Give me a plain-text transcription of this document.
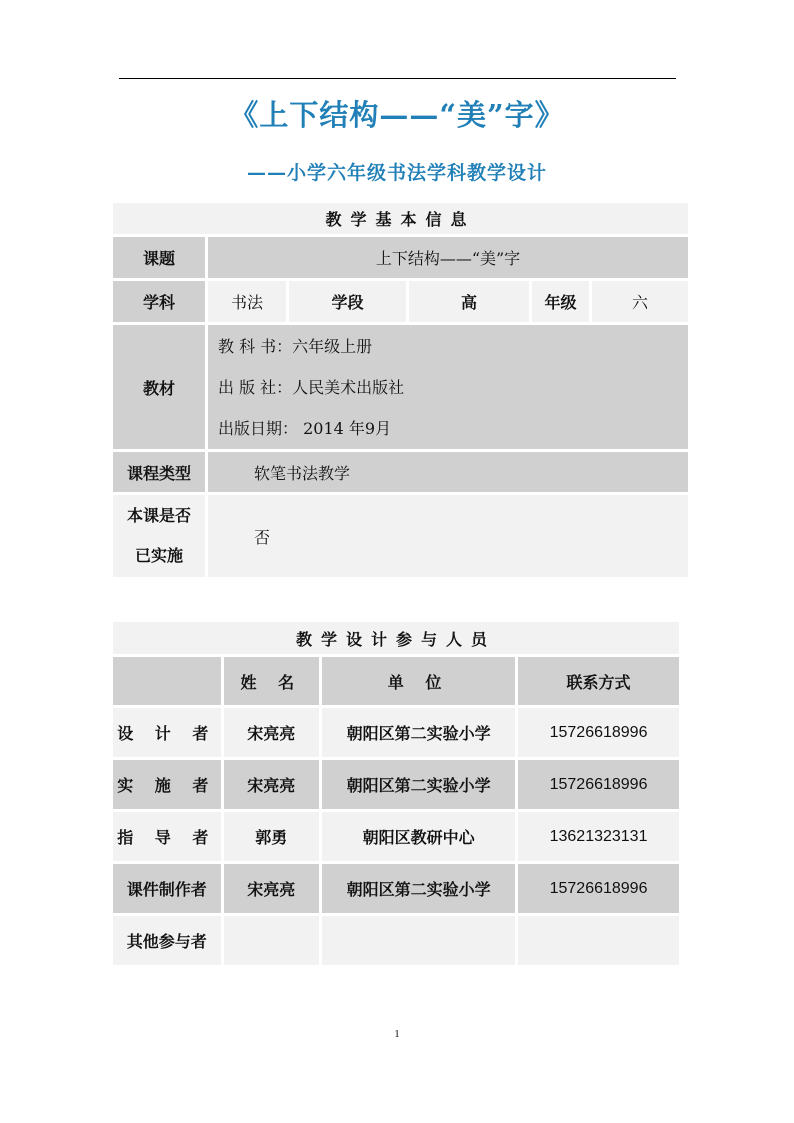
《上下结构——“美”字》
——小学六年级书法学科教学设计
教学基本信息					
课题	上下结构——“美”字				
学科	书法	学段	高	年级	六
教材	教 科 书：六年级上册
出 版 社：人民美术出版社
出版日期： 2014 年9月				

课程类型	软笔书法教学				

本课是否
已实施	否				
教学设计参与人员			
	姓 名	单 位	联系方式
设 计 者	宋亮亮	朝阳区第二实验小学	15726618996
实 施 者	宋亮亮	朝阳区第二实验小学	15726618996
指 导 者	郭勇	朝阳区教研中心	13621323131
课件制作者	宋亮亮	朝阳区第二实验小学	15726618996
其他参与者			
1
